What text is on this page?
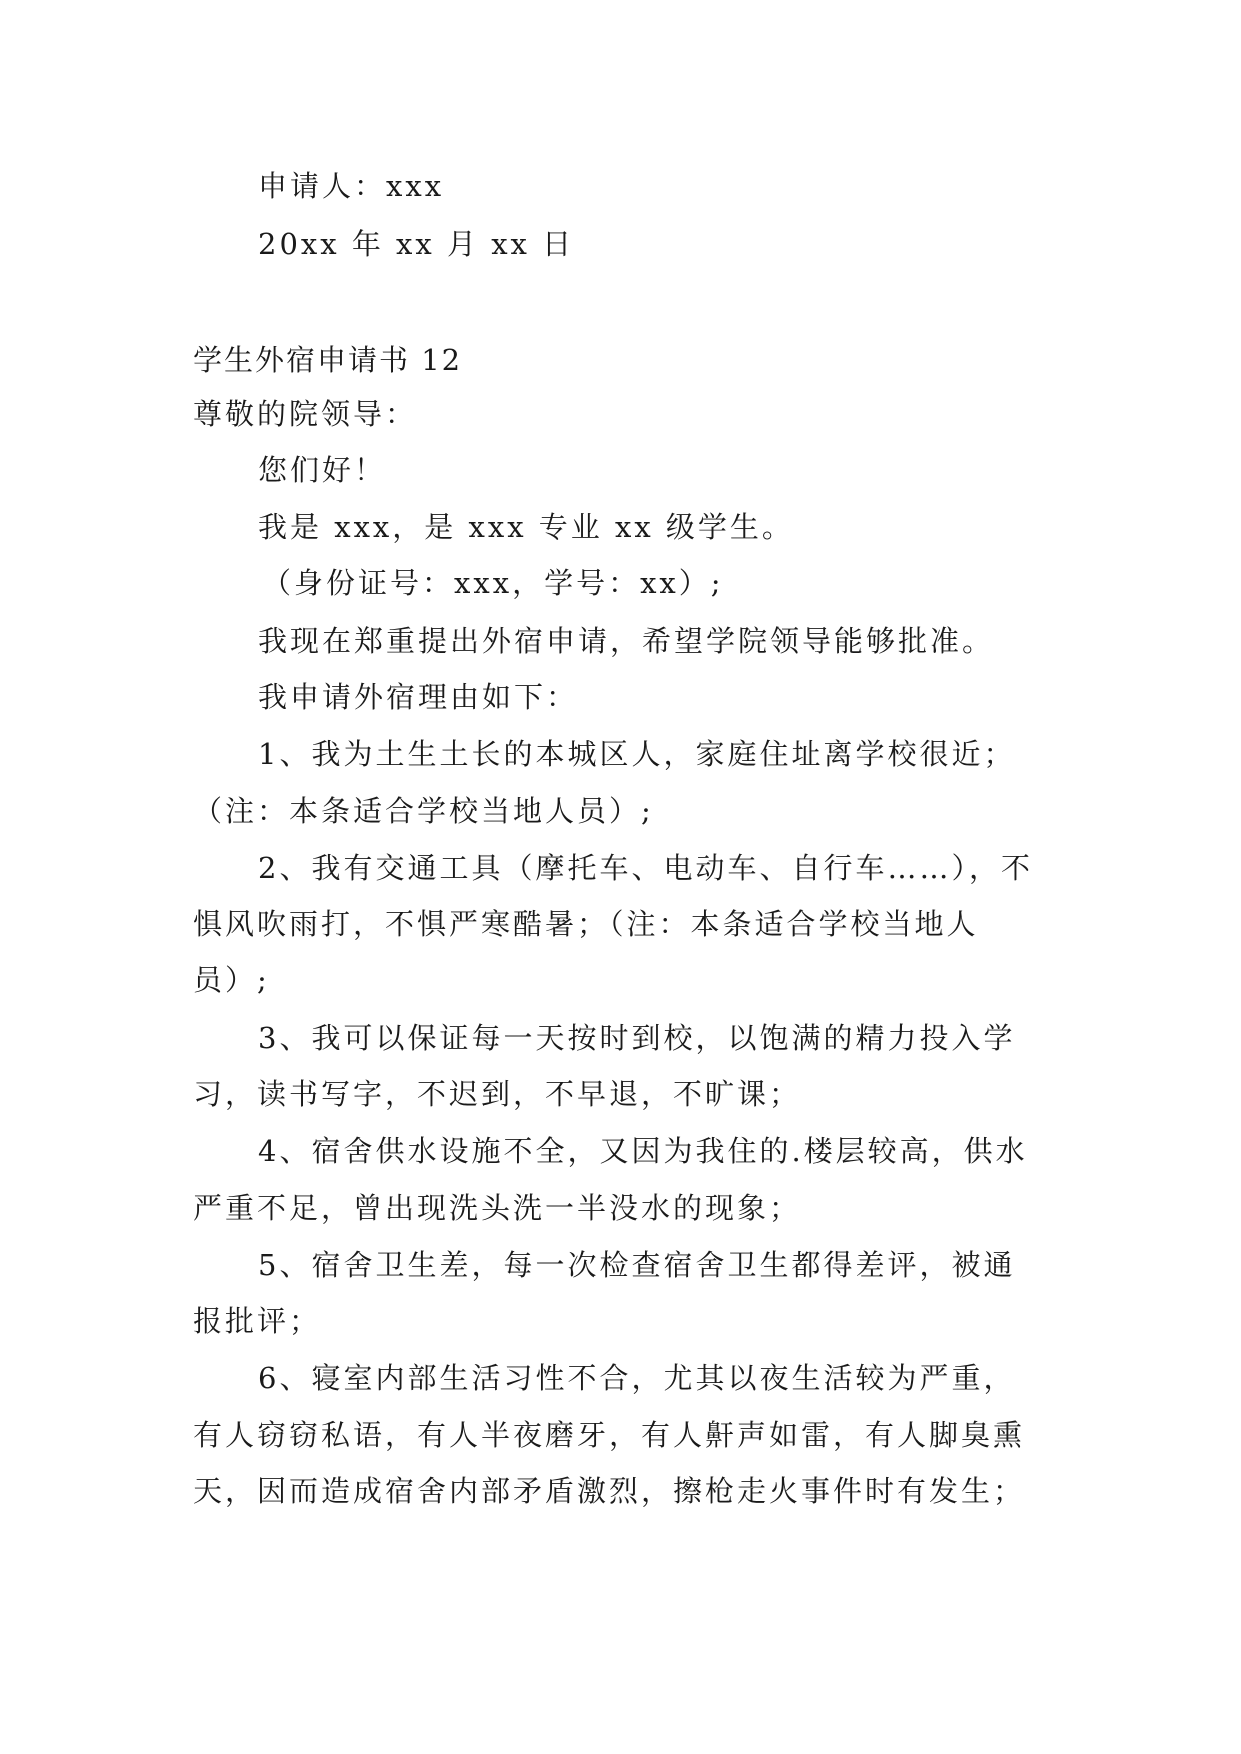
申请人：xxx
20xx 年 xx 月 xx 日
学生外宿申请书 12
尊敬的院领导：
您们好！
我是 xxx，是 xxx 专业 xx 级学生。
（身份证号：xxx，学号：xx）;
我现在郑重提出外宿申请，希望学院领导能够批准。
我申请外宿理由如下：
1、我为土生土长的本城区人，家庭住址离学校很近；
（注：本条适合学校当地人员）;
2、我有交通工具（摩托车、电动车、自行车……），不
惧风吹雨打，不惧严寒酷暑；（注：本条适合学校当地人
员）;
3、我可以保证每一天按时到校，以饱满的精力投入学
习，读书写字，不迟到，不早退，不旷课；
4、宿舍供水设施不全，又因为我住的.楼层较高，供水
严重不足，曾出现洗头洗一半没水的现象；
5、宿舍卫生差，每一次检查宿舍卫生都得差评，被通
报批评；
6、寝室内部生活习性不合，尤其以夜生活较为严重，
有人窃窃私语，有人半夜磨牙，有人鼾声如雷，有人脚臭熏
天，因而造成宿舍内部矛盾激烈，擦枪走火事件时有发生；
